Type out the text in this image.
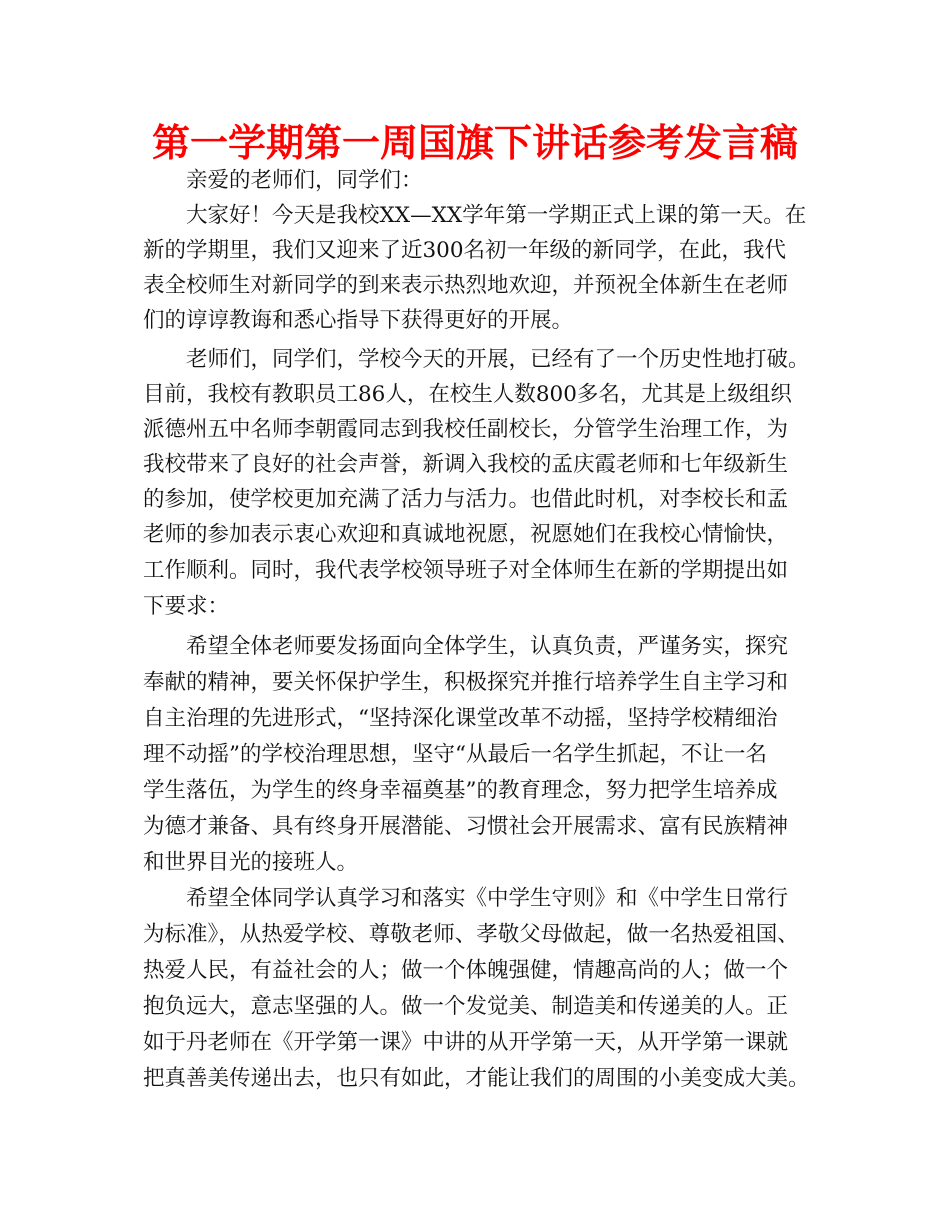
第一学期第一周国旗下讲话参考发言稿
亲爱的老师们，同学们：
大家好！今天是我校XX—XX学年第一学期正式上课的第一天。在
新的学期里，我们又迎来了近300名初一年级的新同学，在此，我代
表全校师生对新同学的到来表示热烈地欢迎，并预祝全体新生在老师
们的谆谆教诲和悉心指导下获得更好的开展。
老师们，同学们，学校今天的开展，已经有了一个历史性地打破。
目前，我校有教职员工86人，在校生人数800多名，尤其是上级组织
派德州五中名师李朝霞同志到我校任副校长，分管学生治理工作，为
我校带来了良好的社会声誉，新调入我校的孟庆霞老师和七年级新生
的参加，使学校更加充满了活力与活力。也借此时机，对李校长和孟
老师的参加表示衷心欢迎和真诚地祝愿，祝愿她们在我校心情愉快，
工作顺利。同时，我代表学校领导班子对全体师生在新的学期提出如
下要求：
希望全体老师要发扬面向全体学生，认真负责，严谨务实，探究
奉献的精神，要关怀保护学生，积极探究并推行培养学生自主学习和
自主治理的先进形式，“坚持深化课堂改革不动摇，坚持学校精细治
理不动摇”的学校治理思想，坚守“从最后一名学生抓起，不让一名
学生落伍，为学生的终身幸福奠基”的教育理念，努力把学生培养成
为德才兼备、具有终身开展潜能、习惯社会开展需求、富有民族精神
和世界目光的接班人。
希望全体同学认真学习和落实《中学生守则》和《中学生日常行
为标准》，从热爱学校、尊敬老师、孝敬父母做起，做一名热爱祖国、
热爱人民，有益社会的人；做一个体魄强健，情趣高尚的人；做一个
抱负远大，意志坚强的人。做一个发觉美、制造美和传递美的人。正
如于丹老师在《开学第一课》中讲的从开学第一天，从开学第一课就
把真善美传递出去，也只有如此，才能让我们的周围的小美变成大美。
